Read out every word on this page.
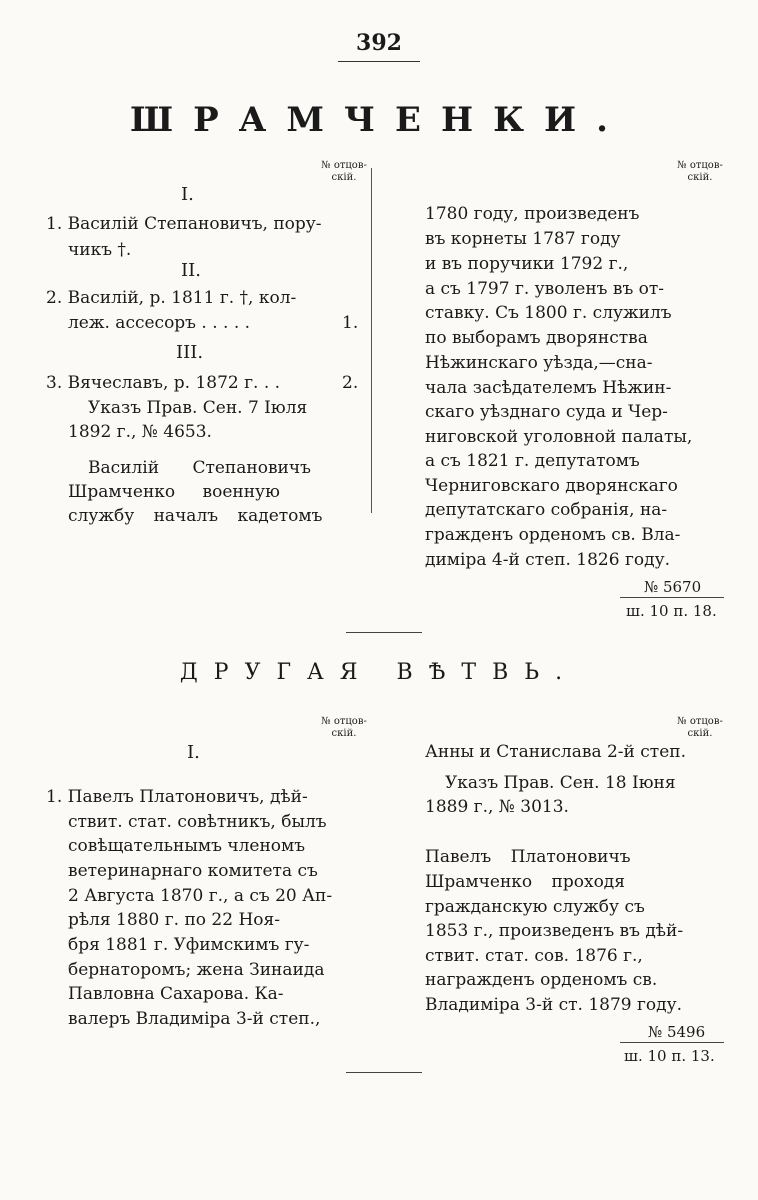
392
ШРАМЧЕНКИ.
№ отцов-
скій.
№ отцов-
скій.
I.
1. Василій Степановичъ, пору-
чикъ †.
II.
2. Василій, р. 1811 г. †, кол-
леж. ассесоръ . . . . .	1.
III.
3. Вячеславъ, р. 1872 г. . .	2.
Указъ Прав. Сен. 7 Іюля
1892 г., № 4653.
Василій Степановичъ
Шрамченко военную
службу началъ кадетомъ
1780 году, произведенъ
въ корнеты 1787 году
и въ поручики 1792 г.,
а съ 1797 г. уволенъ въ от-
ставку. Съ 1800 г. служилъ
по выборамъ дворянства
Нѣжинскаго уѣзда,—сна-
чала засѣдателемъ Нѣжин-
скаго уѣзднаго суда и Чер-
ниговской уголовной палаты,
а съ 1821 г. депутатомъ
Черниговскаго дворянскаго
депутатскаго собранія, на-
гражденъ орденомъ св. Вла-
диміра 4-й степ. 1826 году.
№ 5670
ш. 10 п. 18.
ДРУГАЯ ВѢТВЬ.
№ отцов-
скій.
№ отцов-
скій.
I.
1. Павелъ Платоновичъ, дѣй-
ствит. стат. совѣтникъ, былъ
совѣщательнымъ членомъ
ветеринарнаго комитета съ
2 Августа 1870 г., а съ 20 Ап-
рѣля 1880 г. по 22 Ноя-
бря 1881 г. Уфимскимъ гу-
бернаторомъ; жена Зинаида
Павловна Сахарова. Ка-
валеръ Владиміра 3-й степ.,
Анны и Станислава 2-й степ.
Указъ Прав. Сен. 18 Іюня
1889 г., № 3013.
Павелъ Платоновичъ
Шрамченко проходя
гражданскую службу съ
1853 г., произведенъ въ дѣй-
ствит. стат. сов. 1876 г.,
награжденъ орденомъ св.
Владиміра 3-й ст. 1879 году.
№ 5496
ш. 10 п. 13.
